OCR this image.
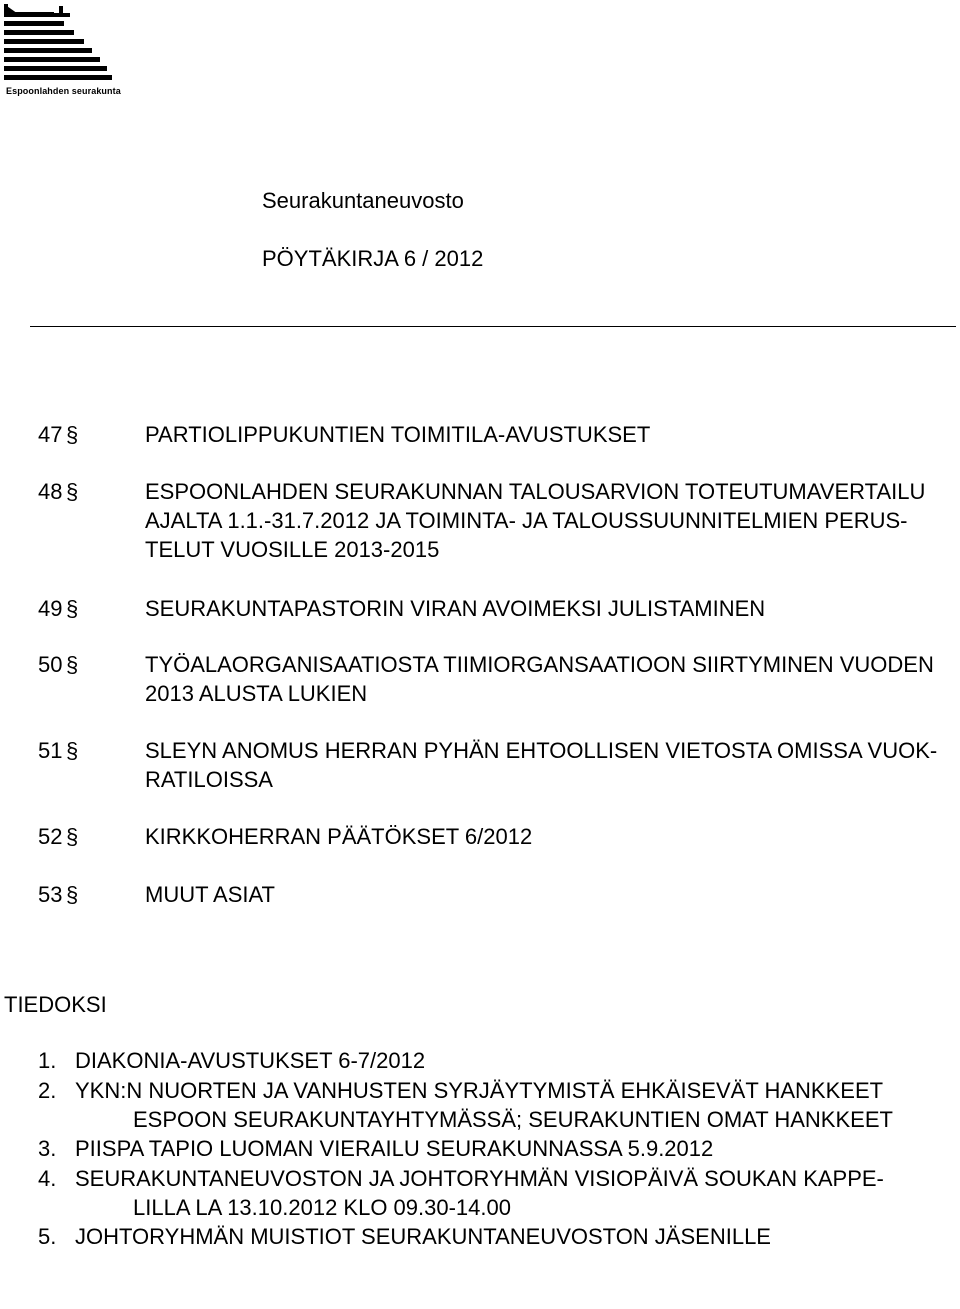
Espoonlahden seurakunta
Seurakuntaneuvosto
PÖYTÄKIRJA 6 / 2012
47 §	PARTIOLIPPUKUNTIEN TOIMITILA-AVUSTUKSET
48 §	ESPOONLAHDEN SEURAKUNNAN TALOUSARVION TOTEUTUMAVERTAILU
AJALTA 1.1.-31.7.2012 JA TOIMINTA- JA TALOUSSUUNNITELMIEN PERUS-
TELUT VUOSILLE 2013-2015
49 §	SEURAKUNTAPASTORIN VIRAN AVOIMEKSI JULISTAMINEN
50 §	TYÖALAORGANISAATIOSTA TIIMIORGANSAATIOON SIIRTYMINEN VUODEN
2013 ALUSTA LUKIEN
51 §	SLEYN ANOMUS HERRAN PYHÄN EHTOOLLISEN VIETOSTA OMISSA VUOK-
RATILOISSA
52 §	KIRKKOHERRAN PÄÄTÖKSET 6/2012
53 §	MUUT ASIAT
TIEDOKSI

1.

DIAKONIA-AVUSTUKSET 6-7/2012

2.

YKN:N NUORTEN JA VANHUSTEN SYRJÄYTYMISTÄ EHKÄISEVÄT HANKKEET

ESPOON SEURAKUNTAYHTYMÄSSÄ; SEURAKUNTIEN OMAT HANKKEET

3.

PIISPA TAPIO LUOMAN VIERAILU SEURAKUNNASSA 5.9.2012

4.

SEURAKUNTANEUVOSTON JA JOHTORYHMÄN VISIOPÄIVÄ SOUKAN KAPPE-

LILLA LA 13.10.2012 KLO 09.30-14.00

5.

JOHTORYHMÄN MUISTIOT SEURAKUNTANEUVOSTON JÄSENILLE
